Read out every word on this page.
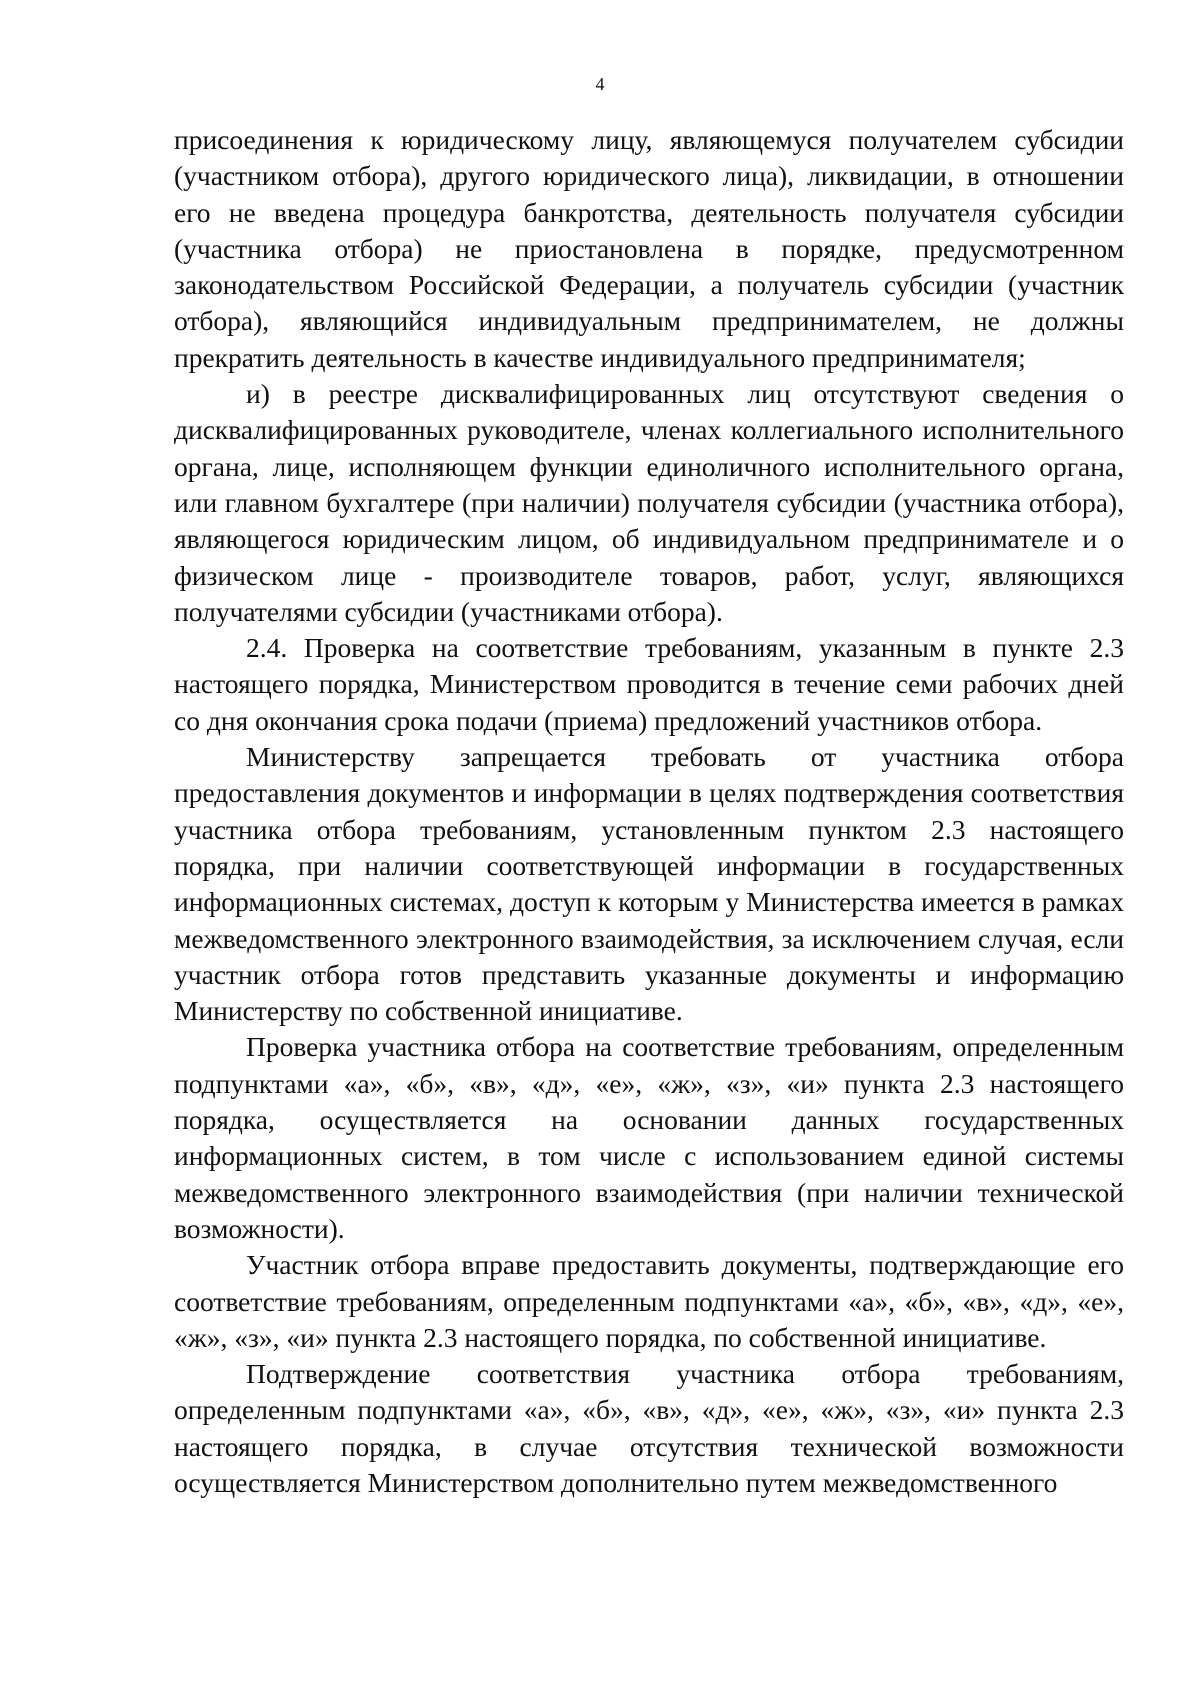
4

присоединения к юридическому лицу, являющемуся получателем субсидии (участником отбора), другого юридического лица), ликвидации, в отношении его не введена процедура банкротства, деятельность получателя субсидии (участника отбора) не приостановлена в порядке, предусмотренном законодательством Российской Федерации, а получатель субсидии (участник отбора), являющийся индивидуальным предпринимателем, не должны прекратить деятельность в качестве индивидуального предпринимателя;

и) в реестре дисквалифицированных лиц отсутствуют сведения о дисквалифицированных руководителе, членах коллегиального исполнительного органа, лице, исполняющем функции единоличного исполнительного органа, или главном бухгалтере (при наличии) получателя субсидии (участника отбора), являющегося юридическим лицом, об индивидуальном предпринимателе и о физическом лице - производителе товаров, работ, услуг, являющихся получателями субсидии (участниками отбора).

2.4. Проверка на соответствие требованиям, указанным в пункте 2.3 настоящего порядка, Министерством проводится в течение семи рабочих дней со дня окончания срока подачи (приема) предложений участников отбора.

Министерству запрещается требовать от участника отбора предоставления документов и информации в целях подтверждения соответствия участника отбора требованиям, установленным пунктом 2.3 настоящего порядка, при наличии соответствующей информации в государственных информационных системах, доступ к которым у Министерства имеется в рамках межведомственного электронного взаимодействия, за исключением случая, если участник отбора готов представить указанные документы и информацию Министерству по собственной инициативе.

Проверка участника отбора на соответствие требованиям, определенным подпунктами «а», «б», «в», «д», «е», «ж», «з», «и» пункта 2.3 настоящего порядка, осуществляется на основании данных государственных информационных систем, в том числе с использованием единой системы межведомственного электронного взаимодействия (при наличии технической возможности).

Участник отбора вправе предоставить документы, подтверждающие его соответствие требованиям, определенным подпунктами «а», «б», «в», «д», «е», «ж», «з», «и» пункта 2.3 настоящего порядка, по собственной инициативе.

Подтверждение соответствия участника отбора требованиям, определенным подпунктами «а», «б», «в», «д», «е», «ж», «з», «и» пункта 2.3 настоящего порядка, в случае отсутствия технической возможности осуществляется Министерством дополнительно путем межведомственного
